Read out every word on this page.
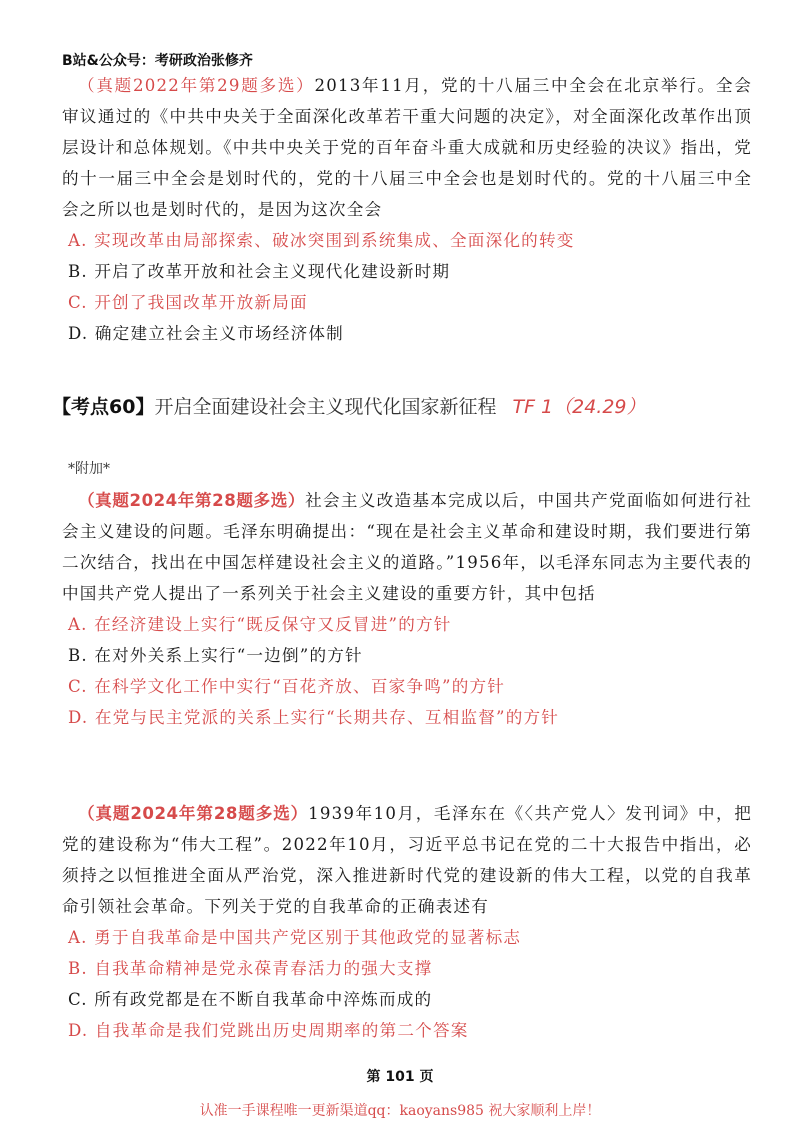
B站&公众号：考研政治张修齐

（真题2022年第29题多选）2013年11月，党的十八届三中全会在北京举行。全会审议通过的《中共中央关于全面深化改革若干重大问题的决定》，对全面深化改革作出顶层设计和总体规划。《中共中央关于党的百年奋斗重大成就和历史经验的决议》指出，党的十一届三中全会是划时代的，党的十八届三中全会也是划时代的。党的十八届三中全会之所以也是划时代的，是因为这次全会

A. 实现改革由局部探索、破冰突围到系统集成、全面深化的转变

B. 开启了改革开放和社会主义现代化建设新时期

C. 开创了我国改革开放新局面

D. 确定建立社会主义市场经济体制

【考点60】开启全面建设社会主义现代化国家新征程 TF 1（24.29）
*附加*

（真题2024年第28题多选）社会主义改造基本完成以后，中国共产党面临如何进行社会主义建设的问题。毛泽东明确提出：“现在是社会主义革命和建设时期，我们要进行第二次结合，找出在中国怎样建设社会主义的道路。”1956年，以毛泽东同志为主要代表的中国共产党人提出了一系列关于社会主义建设的重要方针，其中包括

A. 在经济建设上实行“既反保守又反冒进”的方针

B. 在对外关系上实行“一边倒”的方针

C. 在科学文化工作中实行“百花齐放、百家争鸣”的方针

D. 在党与民主党派的关系上实行“长期共存、互相监督”的方针

（真题2024年第28题多选）1939年10月，毛泽东在《〈共产党人〉发刊词》中，把党的建设称为“伟大工程”。2022年10月，习近平总书记在党的二十大报告中指出，必须持之以恒推进全面从严治党，深入推进新时代党的建设新的伟大工程，以党的自我革命引领社会革命。下列关于党的自我革命的正确表述有

A. 勇于自我革命是中国共产党区别于其他政党的显著标志

B. 自我革命精神是党永葆青春活力的强大支撑

C. 所有政党都是在不断自我革命中淬炼而成的

D. 自我革命是我们党跳出历史周期率的第二个答案

第 101 页
认准一手课程唯一更新渠道qq：kaoyans985 祝大家顺利上岸！
